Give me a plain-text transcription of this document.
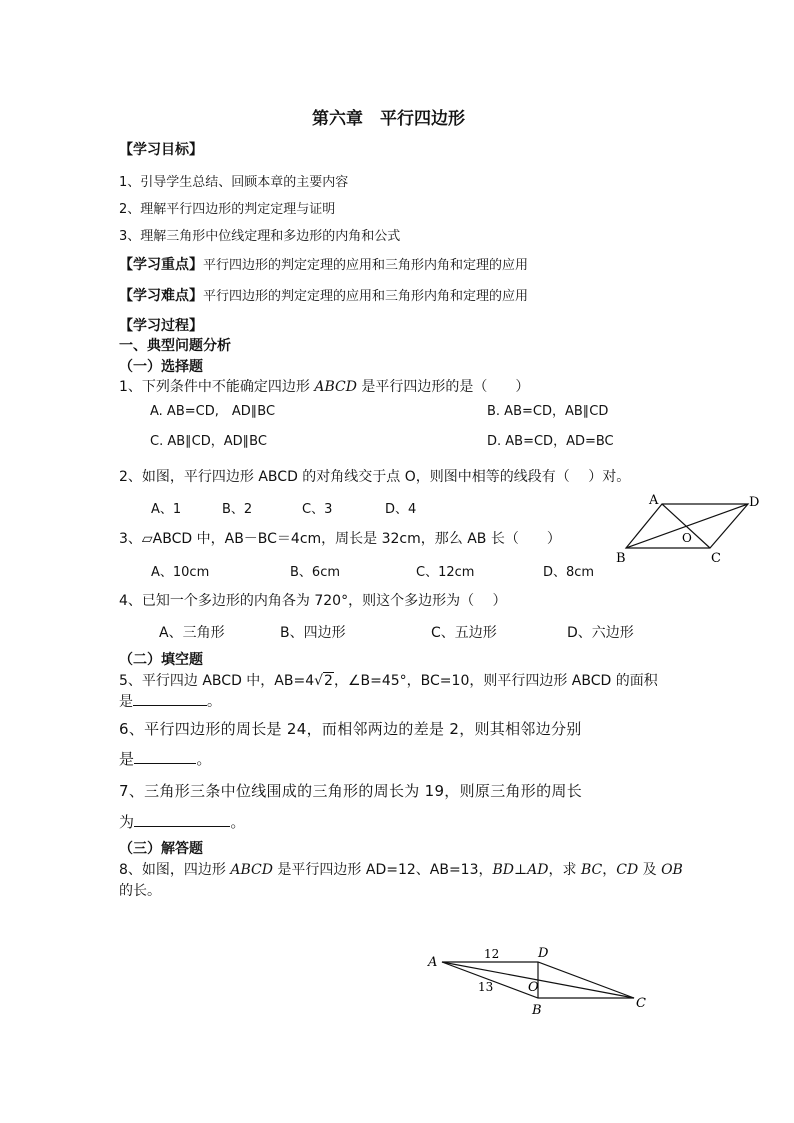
第六章　平行四边形
【学习目标】
1、引导学生总结、回顾本章的主要内容
2、理解平行四边形的判定定理与证明
3、理解三角形中位线定理和多边形的内角和公式
【学习重点】平行四边形的判定定理的应用和三角形内角和定理的应用
【学习难点】平行四边形的判定定理的应用和三角形内角和定理的应用
【学习过程】
一、典型问题分析
（一）选择题
1、下列条件中不能确定四边形 ABCD 是平行四边形的是（　　）
A. AB=CD,　AD∥BC	B. AB=CD，AB∥CD
C. AB∥CD，AD∥BC	D. AB=CD，AD=BC
2、如图，平行四边形 ABCD 的对角线交于点 O，则图中相等的线段有（　 ）对。
A、1	B、2	C、3	D、4
A	D
B	C
O
3、▱ABCD 中，AB－BC＝4cm，周长是 32cm，那么 AB 长（　　）
A、10cm	B、6cm	C、12cm	D、8cm
4、已知一个多边形的内角各为 720°，则这个多边形为（　 ）
A、三角形	B、四边形	C、五边形	D、六边形
（二）填空题
5、平行四边 ABCD 中，AB=4√2，∠B=45°，BC=10，则平行四边形 ABCD 的面积
是	。
6、平行四边形的周长是 24，而相邻两边的差是 2，则其相邻边分别
是	。
7、三角形三条中位线围成的三角形的周长为 19，则原三角形的周长
为	。
（三）解答题
8、如图，四边形 ABCD 是平行四边形 AD=12、AB=13，BD⊥AD，求 BC，CD 及 OB
的长。
A
D
B	C
O
12
13
